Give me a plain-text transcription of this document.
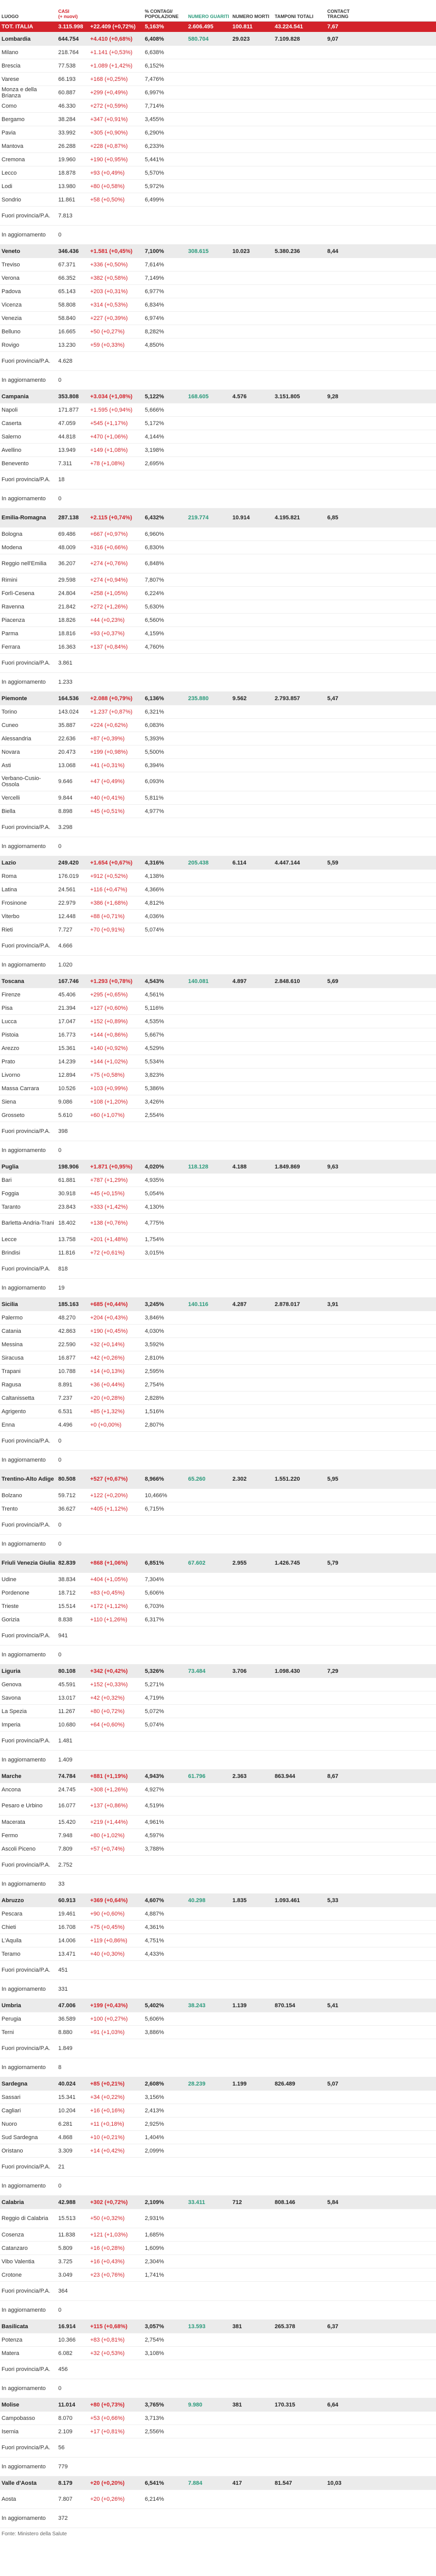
LUOGO	CASI
(+ nuovi)		% CONTAGI/ POPOLAZIONE	NUMERO GUARITI	NUMERO MORTI	TAMPONI TOTALI	CONTACT TRACING	
TOT. ITALIA	3.115.998	+22.409 (+0,72%)	5,163%	2.606.495	100.811	43.224.541	7,67	
Lombardia	644.754	+4.410 (+0,68%)	6,408%	580.704	29.023	7.109.828	9,07	
Milano	218.764	+1.141 (+0,53%)	6,638%					
Brescia	77.538	+1.089 (+1,42%)	6,152%					
Varese	66.193	+168 (+0,25%)	7,476%					
Monza e della Brianza	60.887	+299 (+0,49%)	6,997%					
Como	46.330	+272 (+0,59%)	7,714%					
Bergamo	38.284	+347 (+0,91%)	3,455%					
Pavia	33.992	+305 (+0,90%)	6,290%					
Mantova	26.288	+228 (+0,87%)	6,233%					
Cremona	19.960	+190 (+0,95%)	5,441%					
Lecco	18.878	+93 (+0,49%)	5,570%					
Lodi	13.980	+80 (+0,58%)	5,972%					
Sondrio	11.861	+58 (+0,50%)	6,499%					
Fuori provincia/P.A.	7.813							
In aggiornamento	0							
Veneto	346.436	+1.581 (+0,45%)	7,100%	308.615	10.023	5.380.236	8,44	
Treviso	67.371	+336 (+0,50%)	7,614%					
Verona	66.352	+382 (+0,58%)	7,149%					
Padova	65.143	+203 (+0,31%)	6,977%					
Vicenza	58.808	+314 (+0,53%)	6,834%					
Venezia	58.840	+227 (+0,39%)	6,974%					
Belluno	16.665	+50 (+0,27%)	8,282%					
Rovigo	13.230	+59 (+0,33%)	4,850%					
Fuori provincia/P.A.	4.628							
In aggiornamento	0							
Campania	353.808	+3.034 (+1,08%)	5,122%	168.605	4.576	3.151.805	9,28	
Napoli	171.877	+1.595 (+0,94%)	5,666%					
Caserta	47.059	+545 (+1,17%)	5,172%					
Salerno	44.818	+470 (+1,06%)	4,144%					
Avellino	13.949	+149 (+1,08%)	3,198%					
Benevento	7.311	+78 (+1,08%)	2,695%					
Fuori provincia/P.A.	18							
In aggiornamento	0							
Emilia-Romagna	287.138	+2.115 (+0,74%)	6,432%	219.774	10.914	4.195.821	6,85	
Bologna	69.486	+667 (+0,97%)	6,960%					
Modena	48.009	+316 (+0,66%)	6,830%					
Reggio nell'Emilia	36.207	+274 (+0,76%)	6,848%					
Rimini	29.598	+274 (+0,94%)	7,807%					
Forlì-Cesena	24.804	+258 (+1,05%)	6,224%					
Ravenna	21.842	+272 (+1,26%)	5,630%					
Piacenza	18.826	+44 (+0,23%)	6,560%					
Parma	18.816	+93 (+0,37%)	4,159%					
Ferrara	16.363	+137 (+0,84%)	4,760%					
Fuori provincia/P.A.	3.861							
In aggiornamento	1.233							
Piemonte	164.536	+2.088 (+0,79%)	6,136%	235.880	9.562	2.793.857	5,47	
Torino	143.024	+1.237 (+0,87%)	6,321%					
Cuneo	35.887	+224 (+0,62%)	6,083%					
Alessandria	22.636	+87 (+0,39%)	5,393%					
Novara	20.473	+199 (+0,98%)	5,500%					
Asti	13.068	+41 (+0,31%)	6,394%					
Verbano-Cusio-Ossola	9.646	+47 (+0,49%)	6,093%					
Vercelli	9.844	+40 (+0,41%)	5,811%					
Biella	8.898	+45 (+0,51%)	4,977%					
Fuori provincia/P.A.	3.298							
In aggiornamento	0							
Lazio	249.420	+1.654 (+0,67%)	4,316%	205.438	6.114	4.447.144	5,59	
Roma	176.019	+912 (+0,52%)	4,138%					
Latina	24.561	+116 (+0,47%)	4,366%					
Frosinone	22.979	+386 (+1,68%)	4,812%					
Viterbo	12.448	+88 (+0,71%)	4,036%					
Rieti	7.727	+70 (+0,91%)	5,074%					
Fuori provincia/P.A.	4.666							
In aggiornamento	1.020							
Toscana	167.746	+1.293 (+0,78%)	4,543%	140.081	4.897	2.848.610	5,69	
Firenze	45.406	+295 (+0,65%)	4,561%					
Pisa	21.394	+127 (+0,60%)	5,116%					
Lucca	17.047	+152 (+0,89%)	4,535%					
Pistoia	16.773	+144 (+0,86%)	5,667%					
Arezzo	15.361	+140 (+0,92%)	4,529%					
Prato	14.239	+144 (+1,02%)	5,534%					
Livorno	12.894	+75 (+0,58%)	3,823%					
Massa Carrara	10.526	+103 (+0,99%)	5,386%					
Siena	9.086	+108 (+1,20%)	3,426%					
Grosseto	5.610	+60 (+1,07%)	2,554%					
Fuori provincia/P.A.	398							
In aggiornamento	0							
Puglia	198.906	+1.871 (+0,95%)	4,020%	118.128	4.188	1.849.869	9,63	
Bari	61.881	+787 (+1,29%)	4,935%					
Foggia	30.918	+45 (+0,15%)	5,054%					
Taranto	23.843	+333 (+1,42%)	4,130%					
Barletta-Andria-Trani	18.402	+138 (+0,76%)	4,775%					
Lecce	13.758	+201 (+1,48%)	1,754%					
Brindisi	11.816	+72 (+0,61%)	3,015%					
Fuori provincia/P.A.	818							
In aggiornamento	19							
Sicilia	185.163	+685 (+0,44%)	3,245%	140.116	4.287	2.878.017	3,91	
Palermo	48.270	+204 (+0,43%)	3,846%					
Catania	42.863	+190 (+0,45%)	4,030%					
Messina	22.590	+32 (+0,14%)	3,592%					
Siracusa	16.877	+42 (+0,26%)	2,810%					
Trapani	10.788	+14 (+0,13%)	2,595%					
Ragusa	8.891	+36 (+0,44%)	2,754%					
Caltanissetta	7.237	+20 (+0,28%)	2,828%					
Agrigento	6.531	+85 (+1,32%)	1,516%					
Enna	4.496	+0 (+0,00%)	2,807%					
Fuori provincia/P.A.	0							
In aggiornamento	0							
Trentino-Alto Adige	80.508	+527 (+0,67%)	8,966%	65.260	2.302	1.551.220	5,95	
Bolzano	59.712	+122 (+0,20%)	10,466%					
Trento	36.627	+405 (+1,12%)	6,715%					
Fuori provincia/P.A.	0							
In aggiornamento	0							
Friuli Venezia Giulia	82.839	+868 (+1,06%)	6,851%	67.602	2.955	1.426.745	5,79	
Udine	38.834	+404 (+1,05%)	7,304%					
Pordenone	18.712	+83 (+0,45%)	5,606%					
Trieste	15.514	+172 (+1,12%)	6,703%					
Gorizia	8.838	+110 (+1,26%)	6,317%					
Fuori provincia/P.A.	941							
In aggiornamento	0							
Liguria	80.108	+342 (+0,42%)	5,326%	73.484	3.706	1.098.430	7,29	
Genova	45.591	+152 (+0,33%)	5,271%					
Savona	13.017	+42 (+0,32%)	4,719%					
La Spezia	11.267	+80 (+0,72%)	5,072%					
Imperia	10.680	+64 (+0,60%)	5,074%					
Fuori provincia/P.A.	1.481							
In aggiornamento	1.409							
Marche	74.784	+881 (+1,19%)	4,943%	61.796	2.363	863.944	8,67	
Ancona	24.745	+308 (+1,26%)	4,927%					
Pesaro e Urbino	16.077	+137 (+0,86%)	4,519%					
Macerata	15.420	+219 (+1,44%)	4,961%					
Fermo	7.948	+80 (+1,02%)	4,597%					
Ascoli Piceno	7.809	+57 (+0,74%)	3,788%					
Fuori provincia/P.A.	2.752							
In aggiornamento	33							
Abruzzo	60.913	+369 (+0,64%)	4,607%	40.298	1.835	1.093.461	5,33	
Pescara	19.461	+90 (+0,60%)	4,887%					
Chieti	16.708	+75 (+0,45%)	4,361%					
L'Aquila	14.006	+119 (+0,86%)	4,751%					
Teramo	13.471	+40 (+0,30%)	4,433%					
Fuori provincia/P.A.	451							
In aggiornamento	331							
Umbria	47.006	+199 (+0,43%)	5,402%	38.243	1.139	870.154	5,41	
Perugia	36.589	+100 (+0,27%)	5,606%					
Terni	8.880	+91 (+1,03%)	3,886%					
Fuori provincia/P.A.	1.849							
In aggiornamento	8							
Sardegna	40.024	+85 (+0,21%)	2,608%	28.239	1.199	826.489	5,07	
Sassari	15.341	+34 (+0,22%)	3,156%					
Cagliari	10.204	+16 (+0,16%)	2,413%					
Nuoro	6.281	+11 (+0,18%)	2,925%					
Sud Sardegna	4.868	+10 (+0,21%)	1,404%					
Oristano	3.309	+14 (+0,42%)	2,099%					
Fuori provincia/P.A.	21							
In aggiornamento	0							
Calabria	42.988	+302 (+0,72%)	2,109%	33.411	712	808.146	5,84	
Reggio di Calabria	15.513	+50 (+0,32%)	2,931%					
Cosenza	11.838	+121 (+1,03%)	1,685%					
Catanzaro	5.809	+16 (+0,28%)	1,609%					
Vibo Valentia	3.725	+16 (+0,43%)	2,304%					
Crotone	3.049	+23 (+0,76%)	1,741%					
Fuori provincia/P.A.	364							
In aggiornamento	0							
Basilicata	16.914	+115 (+0,68%)	3,057%	13.593	381	265.378	6,37	
Potenza	10.366	+83 (+0,81%)	2,754%					
Matera	6.082	+32 (+0,53%)	3,108%					
Fuori provincia/P.A.	456							
In aggiornamento	0							
Molise	11.014	+80 (+0,73%)	3,765%	9.980	381	170.315	6,64	
Campobasso	8.070	+53 (+0,66%)	3,713%					
Isernia	2.109	+17 (+0,81%)	2,556%					
Fuori provincia/P.A.	56							
In aggiornamento	779							
Valle d'Aosta	8.179	+20 (+0,20%)	6,541%	7.884	417	81.547	10,03	
Aosta	7.807	+20 (+0,26%)	6,214%					
In aggiornamento	372							
Fonte: Ministero della Salute
